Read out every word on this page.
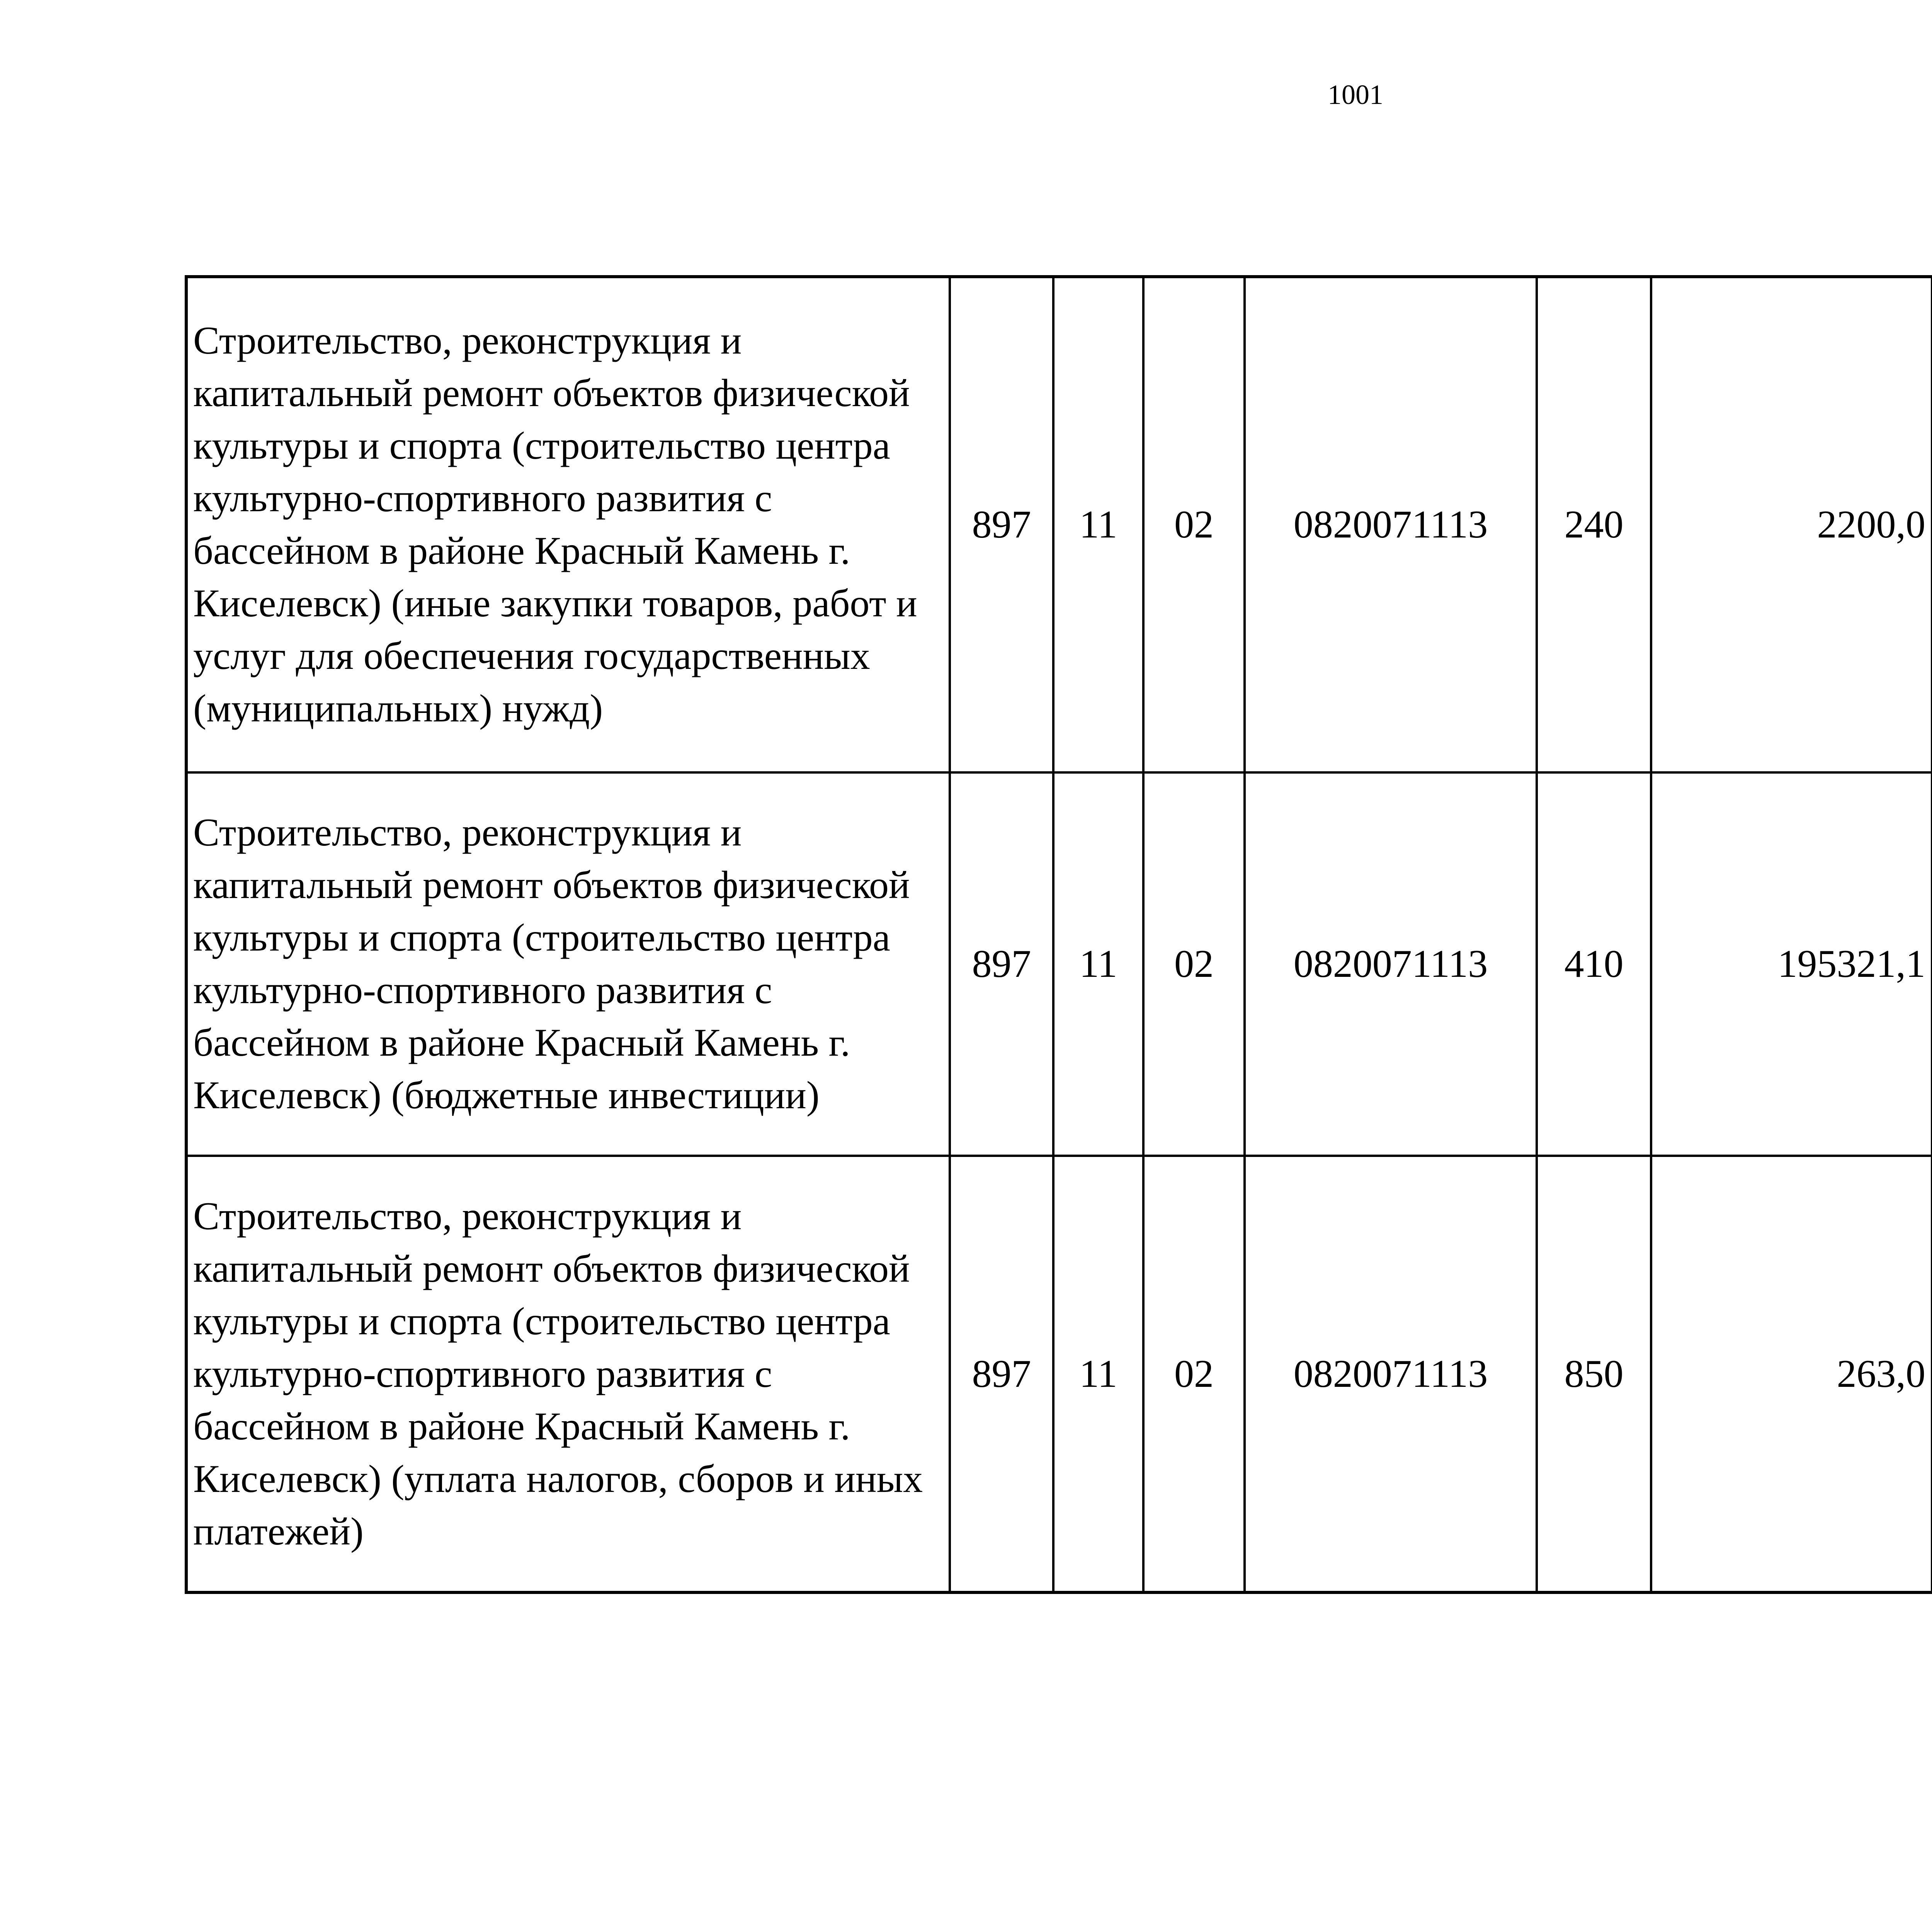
1001
Строительство, реконструкция и капитальный ремонт объектов физической культуры и спорта (строительство центра культурно-спортивного развития с бассейном в районе Красный Камень г. Киселевск) (иные закупки товаров, работ и услуг для обеспечения государственных (муниципальных) нужд)	897	11	02	0820071113	240	2200,0		
Строительство, реконструкция и капитальный ремонт объектов физической культуры и спорта (строительство центра культурно-спортивного развития с бассейном в районе Красный Камень г. Киселевск) (бюджетные инвестиции)	897	11	02	0820071113	410	195321,1		
Строительство, реконструкция и капитальный ремонт объектов физической культуры и спорта (строительство центра культурно-спортивного развития с бассейном в районе Красный Камень г. Киселевск) (уплата налогов, сборов и иных платежей)	897	11	02	0820071113	850	263,0		
